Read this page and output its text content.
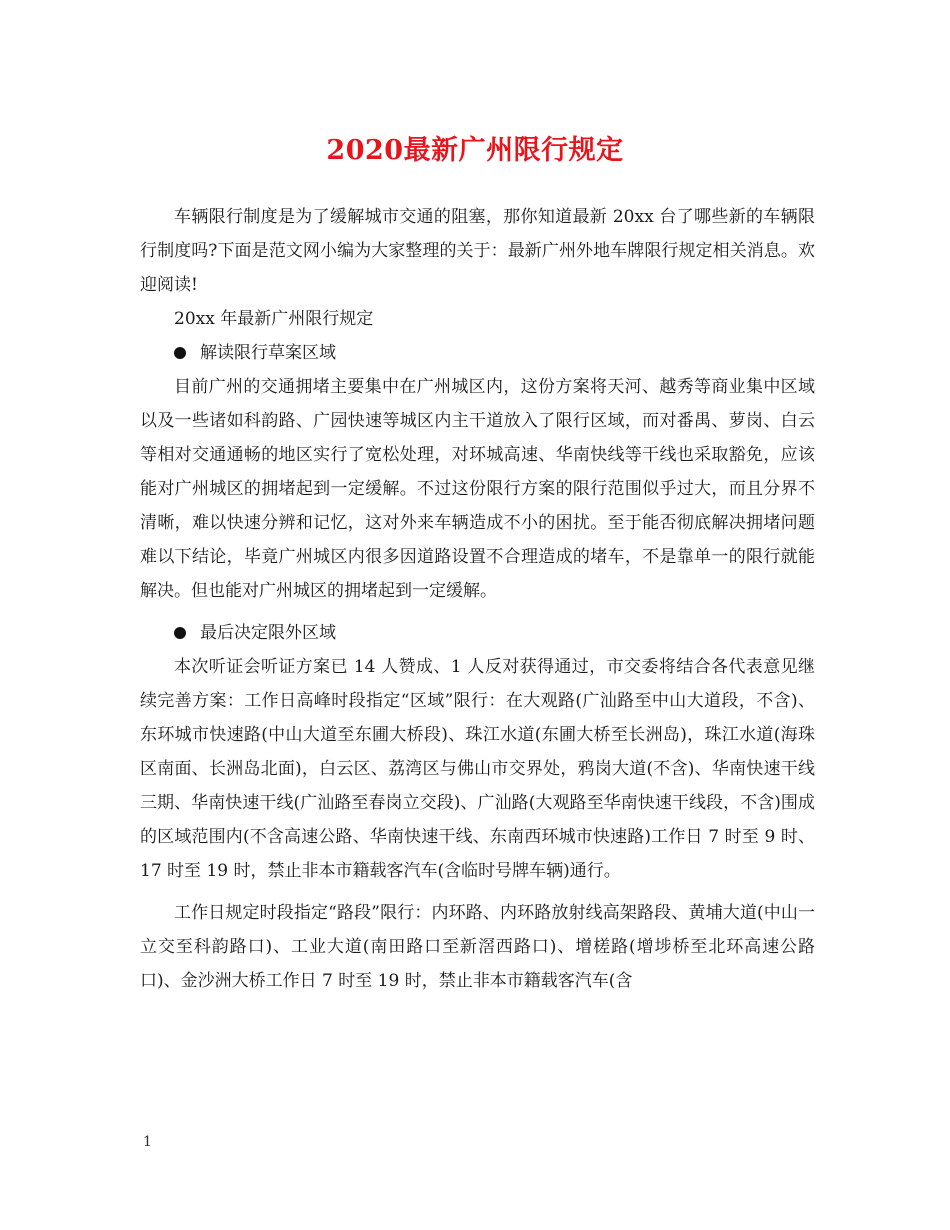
2020最新广州限行规定

车辆限行制度是为了缓解城市交通的阻塞，那你知道最新 20xx 台了哪些新的车辆限行制度吗?下面是范文网小编为大家整理的关于：最新广州外地车牌限行规定相关消息。欢迎阅读!

20xx 年最新广州限行规定

解读限行草案区域

目前广州的交通拥堵主要集中在广州城区内，这份方案将天河、越秀等商业集中区域以及一些诸如科韵路、广园快速等城区内主干道放入了限行区域，而对番禺、萝岗、白云等相对交通通畅的地区实行了宽松处理，对环城高速、华南快线等干线也采取豁免，应该能对广州城区的拥堵起到一定缓解。不过这份限行方案的限行范围似乎过大，而且分界不清晰，难以快速分辨和记忆，这对外来车辆造成不小的困扰。至于能否彻底解决拥堵问题难以下结论，毕竟广州城区内很多因道路设置不合理造成的堵车，不是靠单一的限行就能解决。但也能对广州城区的拥堵起到一定缓解。

最后决定限外区域

本次听证会听证方案已 14 人赞成、1 人反对获得通过，市交委将结合各代表意见继续完善方案：工作日高峰时段指定“区域”限行：在大观路(广汕路至中山大道段，不含)、东环城市快速路(中山大道至东圃大桥段)、珠江水道(东圃大桥至长洲岛)，珠江水道(海珠区南面、长洲岛北面)，白云区、荔湾区与佛山市交界处，鸦岗大道(不含)、华南快速干线三期、华南快速干线(广汕路至春岗立交段)、广汕路(大观路至华南快速干线段，不含)围成的区域范围内(不含高速公路、华南快速干线、东南西环城市快速路)工作日 7 时至 9 时、17 时至 19 时，禁止非本市籍载客汽车(含临时号牌车辆)通行。

工作日规定时段指定“路段”限行：内环路、内环路放射线高架路段、黄埔大道(中山一立交至科韵路口)、工业大道(南田路口至新滘西路口)、增槎路(增埗桥至北环高速公路口)、金沙洲大桥工作日 7 时至 19 时，禁止非本市籍载客汽车(含

1
